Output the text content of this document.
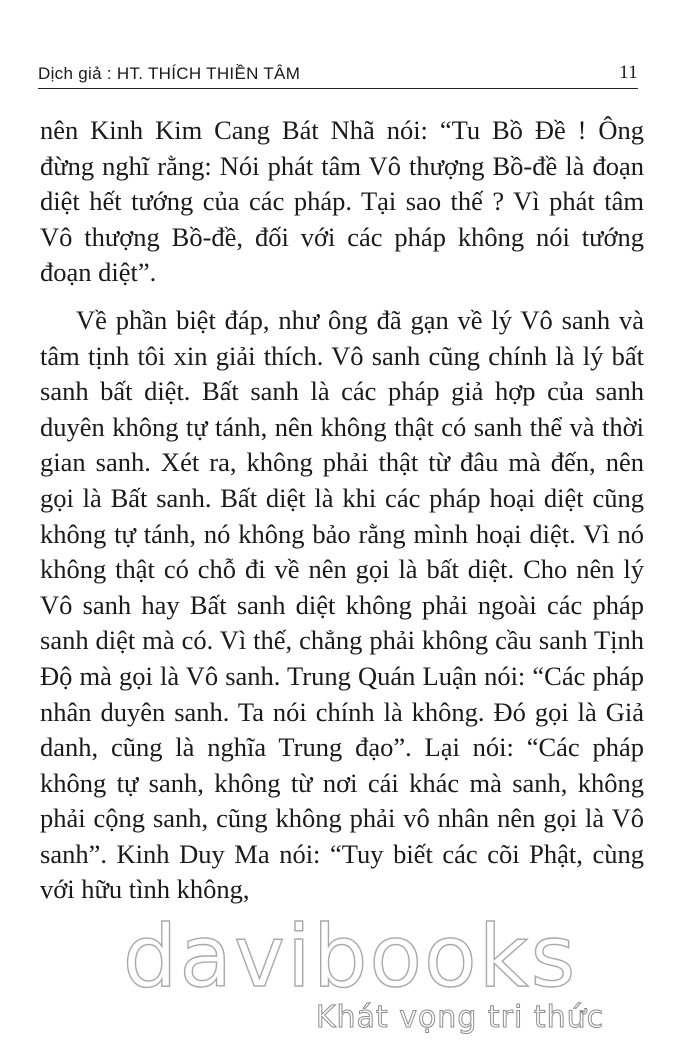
Dịch giả : HT. THÍCH THIỀN TÂM	11

nên Kinh Kim Cang Bát Nhã nói: “Tu Bồ Đề ! Ông đừng nghĩ rằng: Nói phát tâm Vô thượng Bồ-đề là đoạn diệt hết tướng của các pháp. Tại sao thế ? Vì phát tâm Vô thượng Bồ-đề, đối với các pháp không nói tướng đoạn diệt”.

Về phần biệt đáp, như ông đã gạn về lý Vô sanh và tâm tịnh tôi xin giải thích. Vô sanh cũng chính là lý bất sanh bất diệt. Bất sanh là các pháp giả hợp của sanh duyên không tự tánh, nên không thật có sanh thể và thời gian sanh. Xét ra, không phải thật từ đâu mà đến, nên gọi là Bất sanh. Bất diệt là khi các pháp hoại diệt cũng không tự tánh, nó không bảo rằng mình hoại diệt. Vì nó không thật có chỗ đi về nên gọi là bất diệt. Cho nên lý Vô sanh hay Bất sanh diệt không phải ngoài các pháp sanh diệt mà có. Vì thế, chẳng phải không cầu sanh Tịnh Độ mà gọi là Vô sanh. Trung Quán Luận nói: “Các pháp nhân duyên sanh. Ta nói chính là không. Đó gọi là Giả danh, cũng là nghĩa Trung đạo”. Lại nói: “Các pháp không tự sanh, không từ nơi cái khác mà sanh, không phải cộng sanh, cũng không phải vô nhân nên gọi là Vô sanh”. Kinh Duy Ma nói: “Tuy biết các cõi Phật, cùng với hữu tình không,

davibooks
Khát vọng tri thức
